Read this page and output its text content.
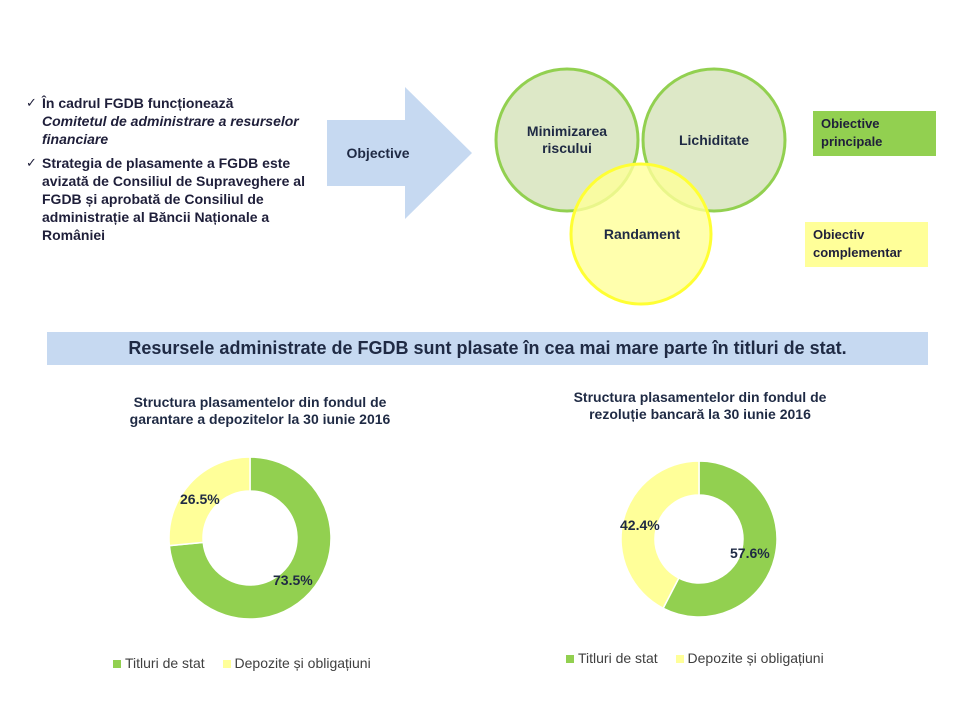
✓ În cadrul FGDB funcționează
Comitetul de administrare a resurselor financiare
✓ Strategia de plasamente a FGDB este avizată de Consiliul de Supraveghere al FGDB și aprobată de Consiliul de administrație al Băncii Naționale a României
Objective
Minimizarea riscului	Lichiditate
Randament
Obiective principale
Obiectiv complementar
Resursele administrate de FGDB sunt plasate în cea mai mare parte în titluri de stat.
Structura plasamentelor din fondul de garantare a depozitelor la 30 iunie 2016
73.5%
26.5%
Titluri de stat Depozite și obligațiuni
Structura plasamentelor din fondul de rezoluție bancară la 30 iunie 2016
57.6%
42.4%
Titluri de stat Depozite și obligațiuni
